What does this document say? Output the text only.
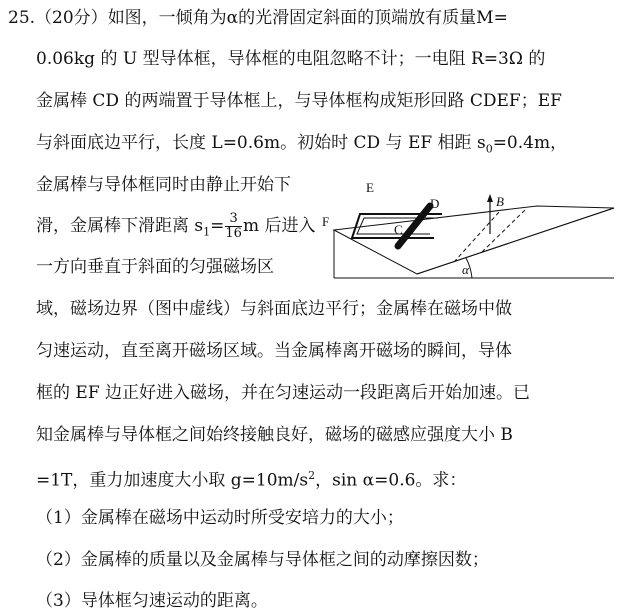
25.（20分）如图，一倾角为α的光滑固定斜面的顶端放有质量M=
0.06kg 的 U 型导体框，导体框的电阻忽略不计；一电阻 R=3Ω 的
金属棒 CD 的两端置于导体框上，与导体框构成矩形回路 CDEF；EF
与斜面底边平行，长度 L=0.6m。初始时 CD 与 EF 相距 $s_0=0.4m$，
金属棒与导体框同时由静止开始下
滑，金属棒下滑距离 $s_1= \frac{3}{16}$ m 后进入
一方向垂直于斜面的匀强磁场区
域，磁场边界（图中虚线）与斜面底边平行；金属棒在磁场中做
匀速运动，直至离开磁场区域。当金属棒离开磁场的瞬间，导体
框的 EF 边正好进入磁场，并在匀速运动一段距离后开始加速。已
知金属棒与导体框之间始终接触良好，磁场的磁感应强度大小 B
=1T，重力加速度大小取 $g=10m/s^2$，sin α=0.6。求：
（1）金属棒在磁场中运动时所受安培力的大小；
（2）金属棒的质量以及金属棒与导体框之间的动摩擦因数；
（3）导体框匀速运动的距离。
E
D	B
F
C
α
